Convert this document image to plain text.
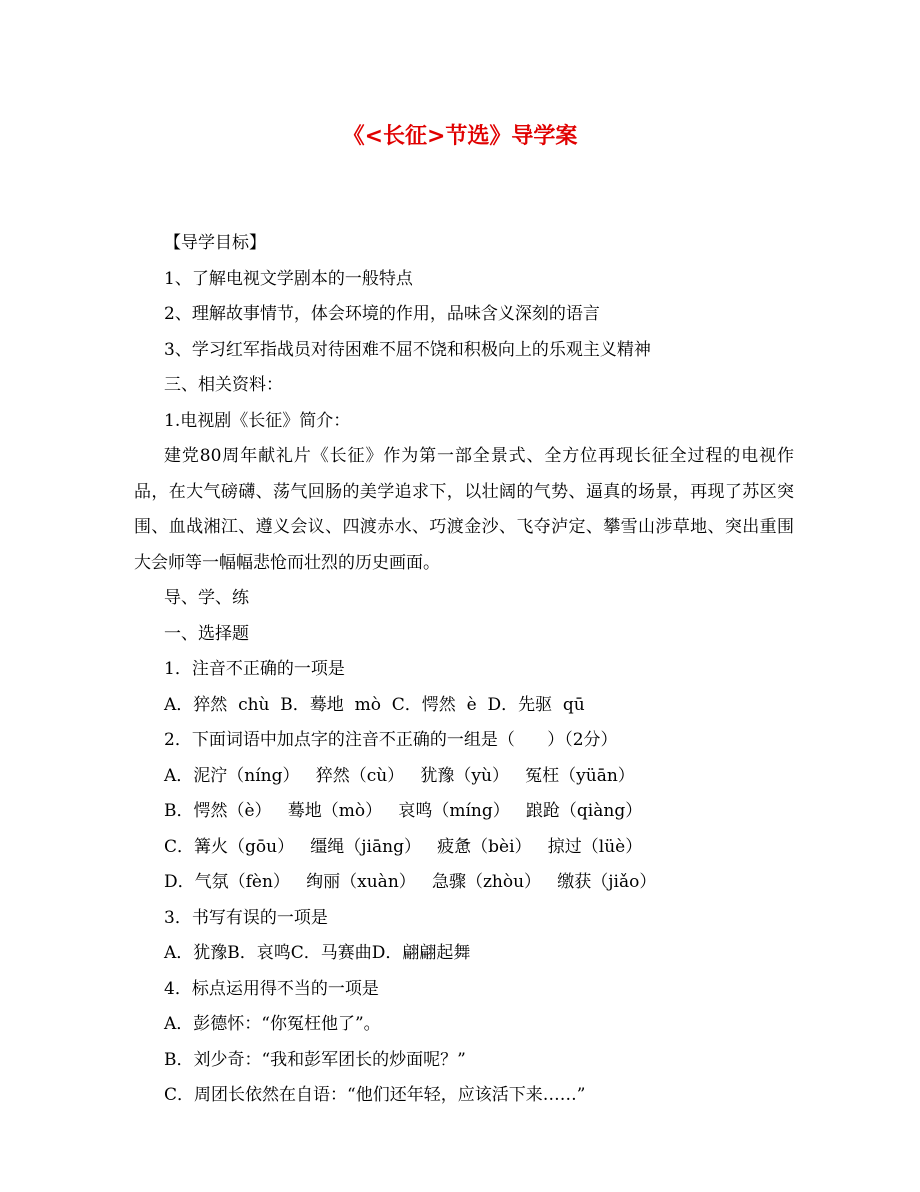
《<长征>节选》导学案
【导学目标】
1、了解电视文学剧本的一般特点
2、理解故事情节，体会环境的作用，品味含义深刻的语言
3、学习红军指战员对待困难不屈不饶和积极向上的乐观主义精神
三、相关资料：
1.电视剧《长征》简介：

建党80周年献礼片《长征》作为第一部全景式、全方位再现长征全过程的电视作品，在大气磅礴、荡气回肠的美学追求下，以壮阔的气势、逼真的场景，再现了苏区突围、血战湘江、遵义会议、四渡赤水、巧渡金沙、飞夺泸定、攀雪山涉草地、突出重围大会师等一幅幅悲怆而壮烈的历史画面。

导、学、练
一、选择题
1．注音不正确的一项是
A．猝然  chù  B．蓦地  mò  C．愕然  è  D．先驱  qū
2．下面词语中加点字的注音不正确的一组是（      ）（2分）
A．泥泞（níng）   猝然（cù）   犹豫（yù）   冤枉（yüān）
B．愕然（è）   蓦地（mò）   哀鸣（míng）   踉跄（qiàng）
C．篝火（gōu）   缰绳（jiāng）   疲惫（bèi）   掠过（lüè）
D．气氛（fèn）   绚丽（xuàn）   急骤（zhòu）   缴获（jiǎo）
3．书写有误的一项是
A．犹豫B．哀鸣C．马赛曲D．翩翩起舞
4．标点运用得不当的一项是
A．彭德怀：“你冤枉他了”。
B．刘少奇：“我和彭军团长的炒面呢？”
C．周团长依然在自语：“他们还年轻，应该活下来……”
